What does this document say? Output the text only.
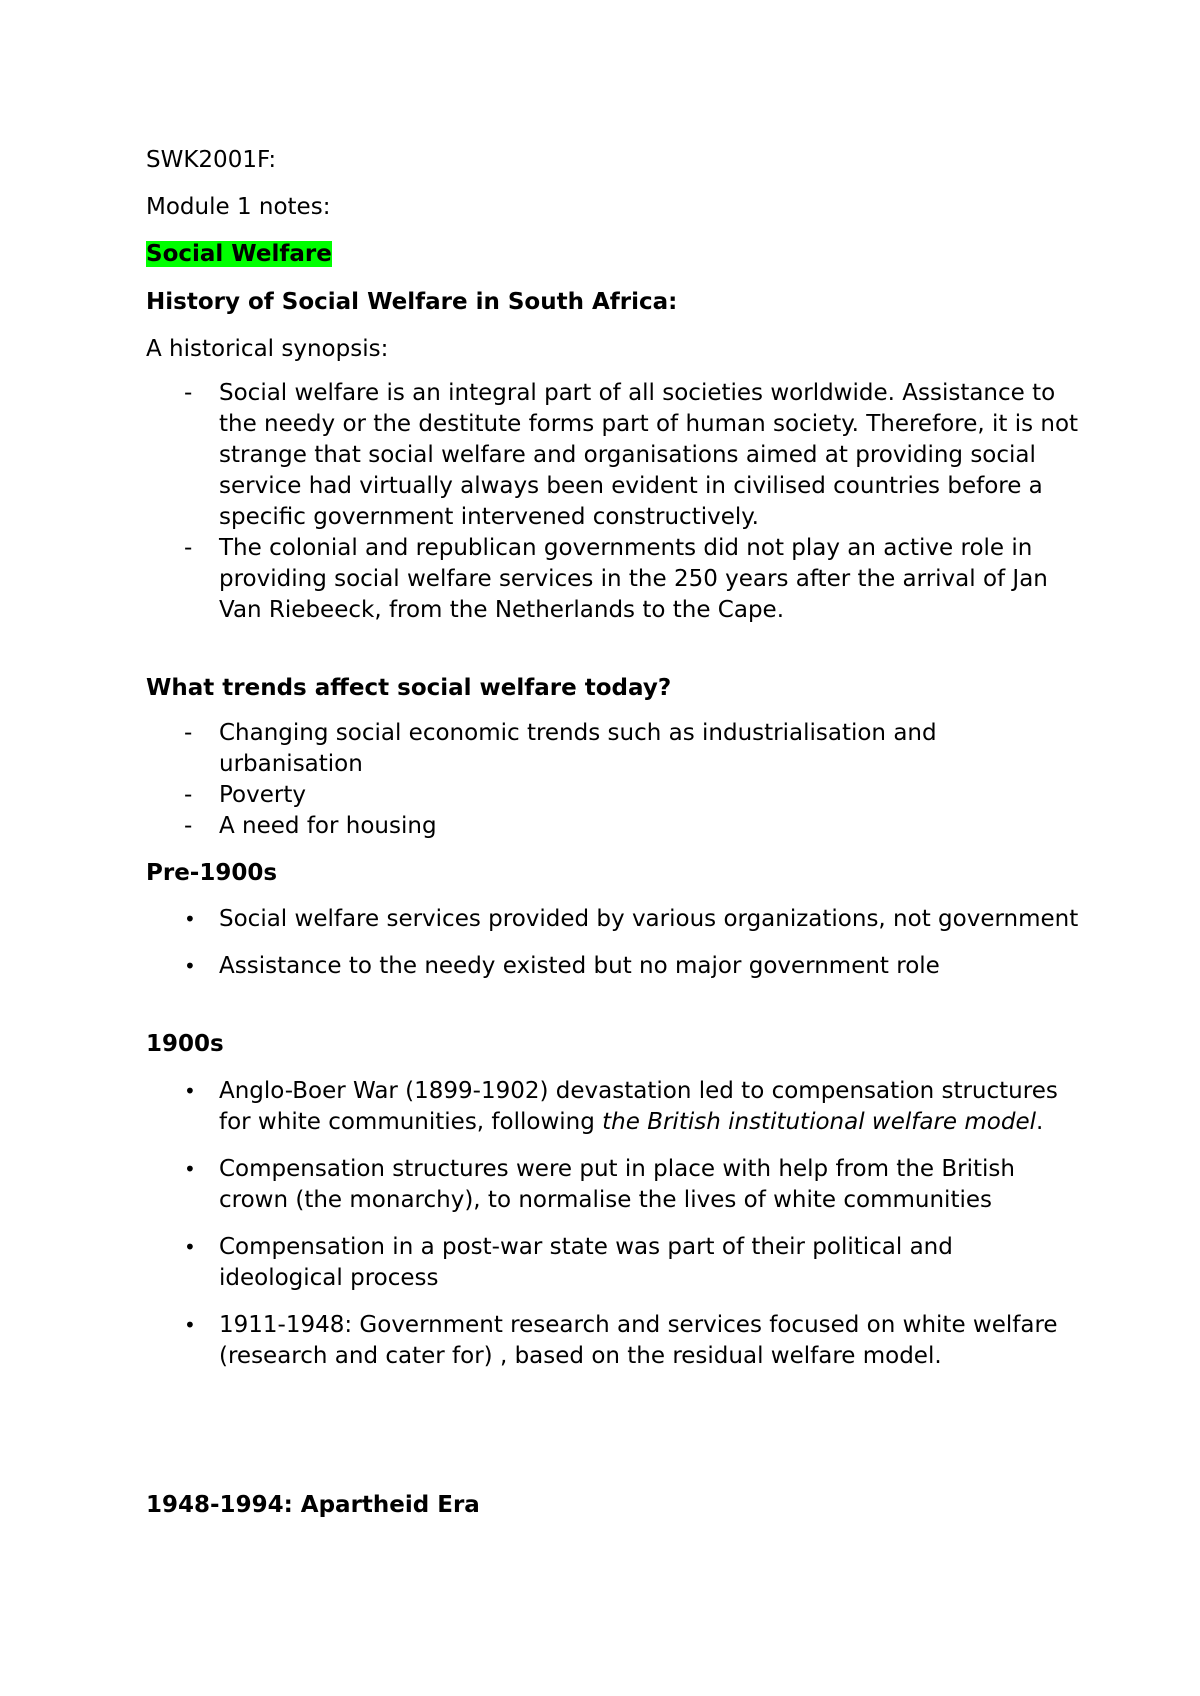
SWK2001F:
Module 1 notes:
Social Welfare
History of Social Welfare in South Africa:
A historical synopsis:
-	Social welfare is an integral part of all societies worldwide. Assistance to the needy or the destitute forms part of human society. Therefore, it is not strange that social welfare and organisations aimed at providing social service had virtually always been evident in civilised countries before a specific government intervened constructively.
-	The colonial and republican governments did not play an active role in providing social welfare services in the 250 years after the arrival of Jan Van Riebeeck, from the Netherlands to the Cape.
What trends affect social welfare today?
-	Changing social economic trends such as industrialisation and urbanisation
-	Poverty
-	A need for housing
Pre-1900s
•	Social welfare services provided by various organizations, not government
•	Assistance to the needy existed but no major government role
1900s
•	Anglo-Boer War (1899-1902) devastation led to compensation structures for white communities, following the British institutional welfare model.
•	Compensation structures were put in place with help from the British crown (the monarchy), to normalise the lives of white communities
•	Compensation in a post-war state was part of their political and ideological process
•	1911-1948: Government research and services focused on white welfare (research and cater for) , based on the residual welfare model.
1948-1994: Apartheid Era
